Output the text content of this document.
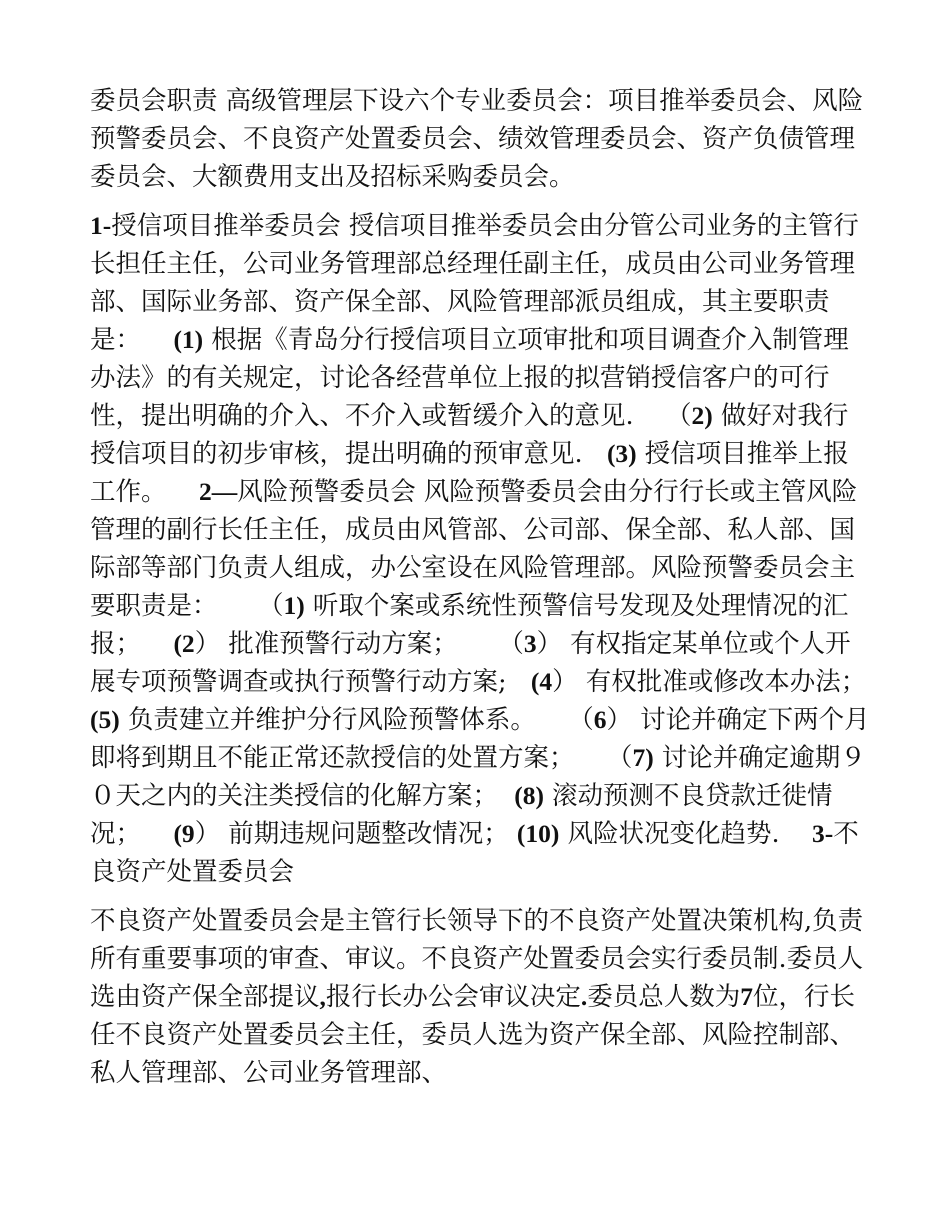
委员会职责 高级管理层下设六个专业委员会：项目推举委员会、风险预警委员会、不良资产处置委员会、绩效管理委员会、资产负债管理委员会、大额费用支出及招标采购委员会。

1-授信项目推举委员会 授信项目推举委员会由分管公司业务的主管行长担任主任，公司业务管理部总经理任副主任，成员由公司业务管理部、国际业务部、资产保全部、风险管理部派员组成，其主要职责是：    (1) 根据《青岛分行授信项目立项审批和项目调查介入制管理办法》的有关规定，讨论各经营单位上报的拟营销授信客户的可行性，提出明确的介入、不介入或暂缓介入的意见.    （2) 做好对我行授信项目的初步审核，提出明确的预审意见.   (3) 授信项目推举上报工作。    2—风险预警委员会 风险预警委员会由分行行长或主管风险管理的副行长任主任，成员由风管部、公司部、保全部、私人部、国际部等部门负责人组成，办公室设在风险管理部。风险预警委员会主要职责是：     （1) 听取个案或系统性预警信号发现及处理情况的汇报；    (2） 批准预警行动方案；     （3） 有权指定某单位或个人开展专项预警调查或执行预警行动方案;   (4） 有权批准或修改本办法；    (5) 负责建立并维护分行风险预警体系。    （6） 讨论并确定下两个月即将到期且不能正常还款授信的处置方案；    （7) 讨论并确定逾期９０天之内的关注类授信的化解方案；  (8) 滚动预测不良贷款迁徙情况；    (9） 前期违规问题整改情况； (10) 风险状况变化趋势.    3-不良资产处置委员会

不良资产处置委员会是主管行长领导下的不良资产处置决策机构,负责所有重要事项的审查、审议。不良资产处置委员会实行委员制.委员人选由资产保全部提议,报行长办公会审议决定.委员总人数为7位，行长任不良资产处置委员会主任，委员人选为资产保全部、风险控制部、私人管理部、公司业务管理部、
